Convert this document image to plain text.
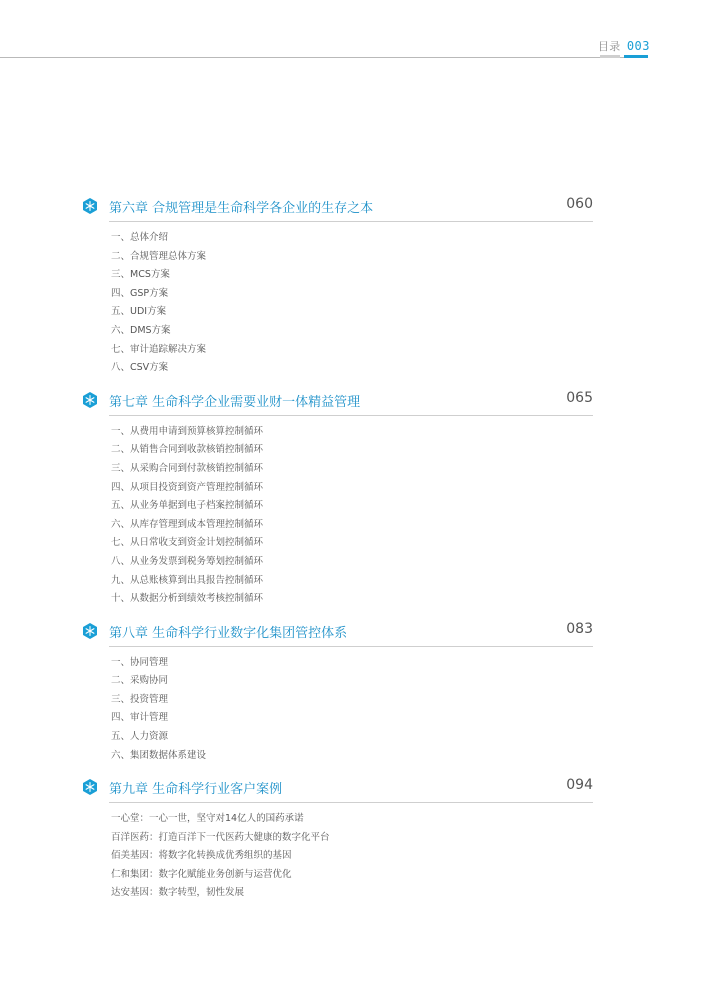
目录 003
第六章 合规管理是生命科学各企业的生存之本	060
一、总体介绍
二、合规管理总体方案
三、MCS方案
四、GSP方案
五、UDI方案
六、DMS方案
七、审计追踪解决方案
八、CSV方案
第七章 生命科学企业需要业财一体精益管理	065
一、从费用申请到预算核算控制循环
二、从销售合同到收款核销控制循环
三、从采购合同到付款核销控制循环
四、从项目投资到资产管理控制循环
五、从业务单据到电子档案控制循环
六、从库存管理到成本管理控制循环
七、从日常收支到资金计划控制循环
八、从业务发票到税务筹划控制循环
九、从总账核算到出具报告控制循环
十、从数据分析到绩效考核控制循环
第八章 生命科学行业数字化集团管控体系	083
一、协同管理
二、采购协同
三、投资管理
四、审计管理
五、人力资源
六、集团数据体系建设
第九章 生命科学行业客户案例	094
一心堂：一心一世，坚守对14亿人的国药承诺
百洋医药：打造百洋下一代医药大健康的数字化平台
佰美基因：将数字化转换成优秀组织的基因
仁和集团：数字化赋能业务创新与运营优化
达安基因：数字转型，韧性发展
